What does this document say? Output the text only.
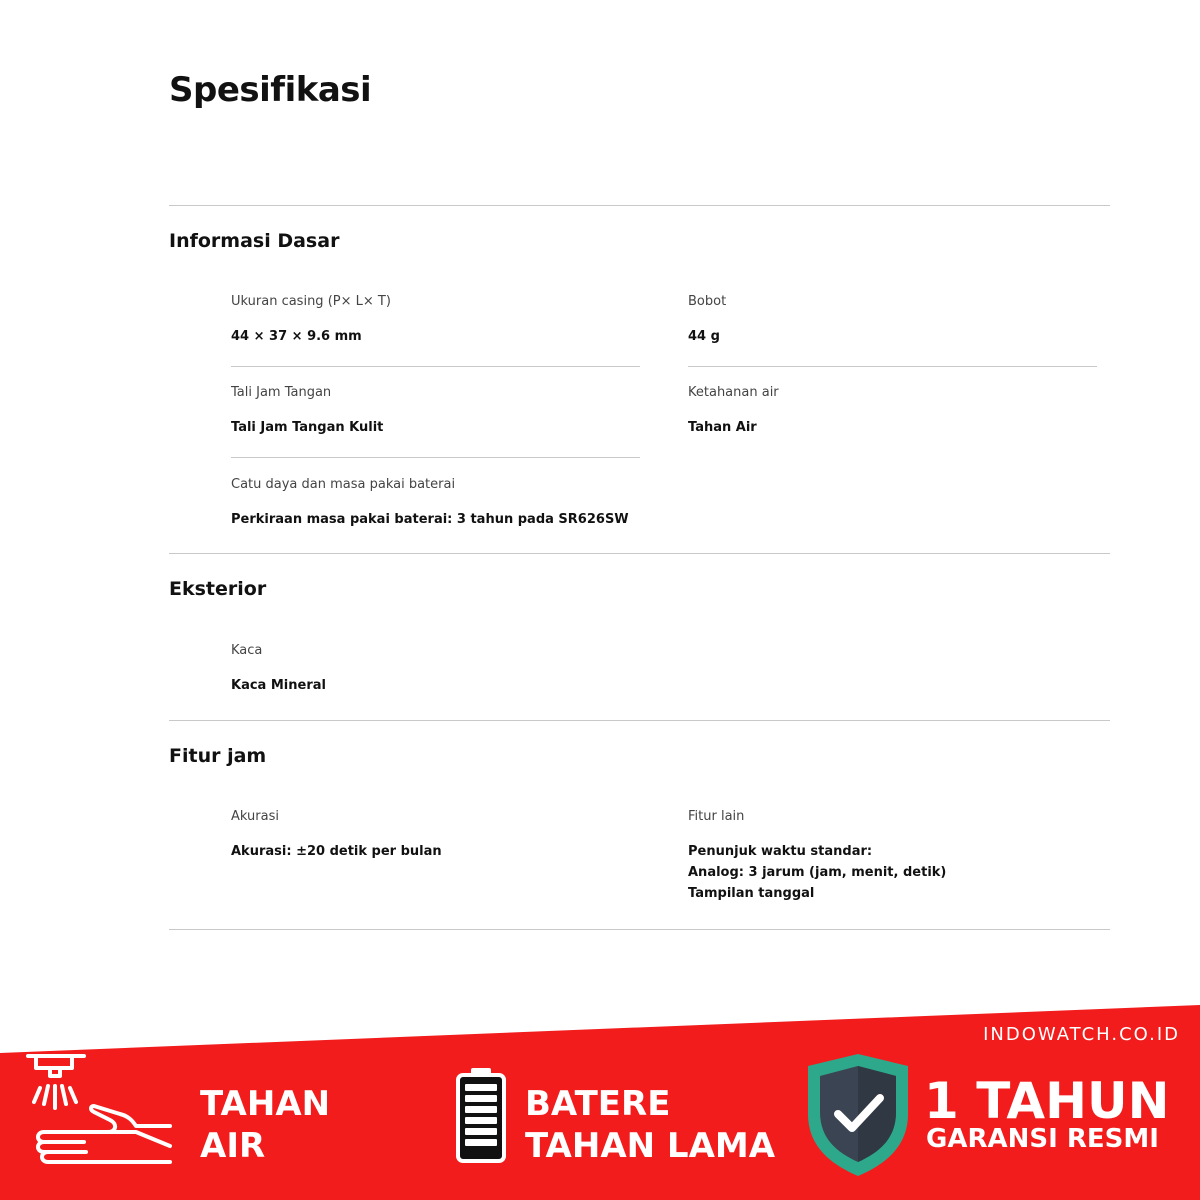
Spesifikasi
Informasi Dasar
Ukuran casing (P× L× T)
44 × 37 × 9.6 mm
Bobot
44 g
Tali Jam Tangan
Tali Jam Tangan Kulit
Ketahanan air
Tahan Air
Catu daya dan masa pakai baterai
Perkiraan masa pakai baterai: 3 tahun pada SR626SW
Eksterior
Kaca
Kaca Mineral
Fitur jam
Akurasi
Akurasi: ±20 detik per bulan
Fitur lain
Penunjuk waktu standar:
Analog: 3 jarum (jam, menit, detik)
Tampilan tanggal
INDOWATCH.CO.ID
TAHAN
AIR
BATERE
TAHAN LAMA
1 TAHUN
GARANSI RESMI
